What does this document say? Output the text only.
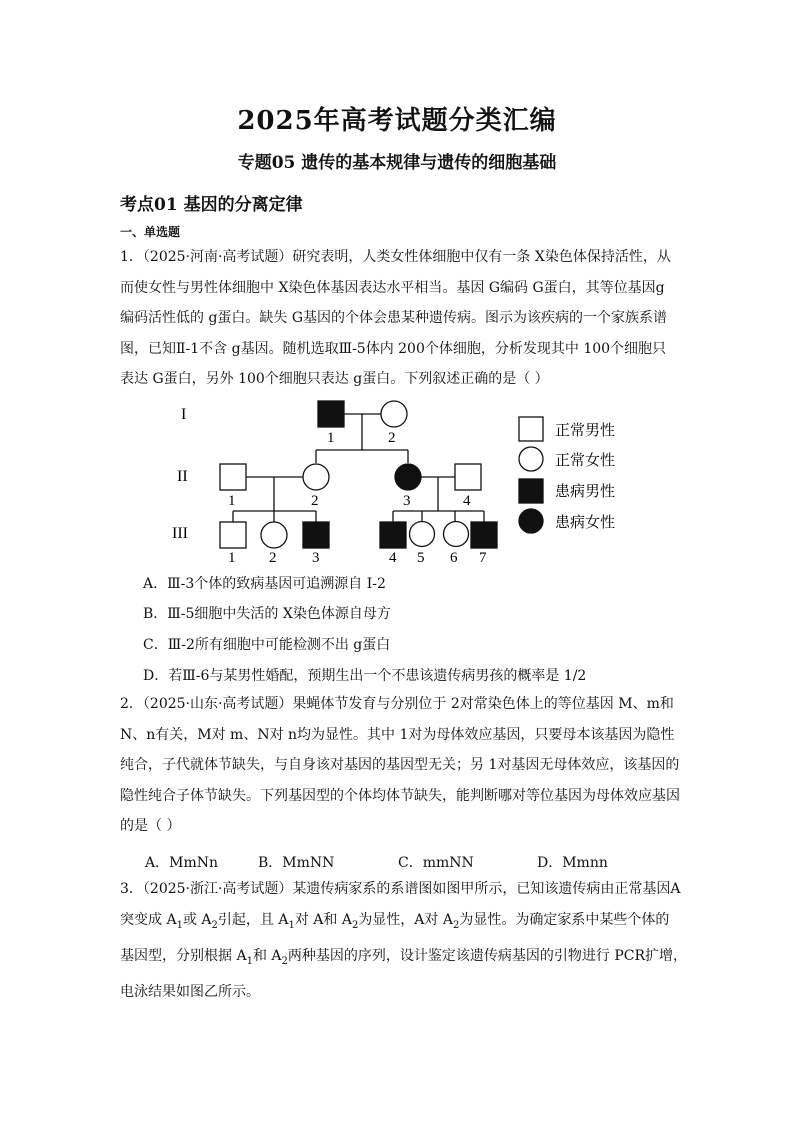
2025年高考试题分类汇编
专题05 遗传的基本规律与遗传的细胞基础
考点01 基因的分离定律
一、单选题
1．（2025·河南·高考试题）研究表明，人类女性体细胞中仅有一条 X染色体保持活性，从
而使女性与男性体细胞中 X染色体基因表达水平相当。基因 G编码 G蛋白，其等位基因g
编码活性低的 g蛋白。缺失 G基因的个体会患某种遗传病。图示为该疾病的一个家族系谱
图，已知Ⅱ-1不含 g基因。随机选取Ⅲ-5体内 200个体细胞，分析发现其中 100个细胞只
表达 G蛋白，另外 100个细胞只表达 g蛋白。下列叙述正确的是（ ）
I
II
III
1	2
1	2	3	4
1 2 3	4 5 6 7
正常男性
正常女性
患病男性
患病女性
A．Ⅲ-3个体的致病基因可追溯源自 I-2
B．Ⅲ-5细胞中失活的 X染色体源自母方
C．Ⅲ-2所有细胞中可能检测不出 g蛋白
D．若Ⅲ-6与某男性婚配，预期生出一个不患该遗传病男孩的概率是 1/2
2．（2025·山东·高考试题）果蝇体节发育与分别位于 2对常染色体上的等位基因 M、m和
N、n有关，M对 m、N对 n均为显性。其中 1对为母体效应基因，只要母本该基因为隐性
纯合，子代就体节缺失，与自身该对基因的基因型无关；另 1对基因无母体效应，该基因的
隐性纯合子体节缺失。下列基因型的个体均体节缺失，能判断哪对等位基因为母体效应基因
的是（ ）
A．MmNn	B．MmNN	C．mmNN	D．Mmnn
3．（2025·浙江·高考试题）某遗传病家系的系谱图如图甲所示，已知该遗传病由正常基因A
突变成 $A_1$或 $A_2$引起，且 $A_1$对 A和 $A_2$为显性，A对 $A_2$为显性。为确定家系中某些个体的
基因型，分别根据 $A_1$和 $A_2$两种基因的序列，设计鉴定该遗传病基因的引物进行 PCR扩增，
电泳结果如图乙所示。
